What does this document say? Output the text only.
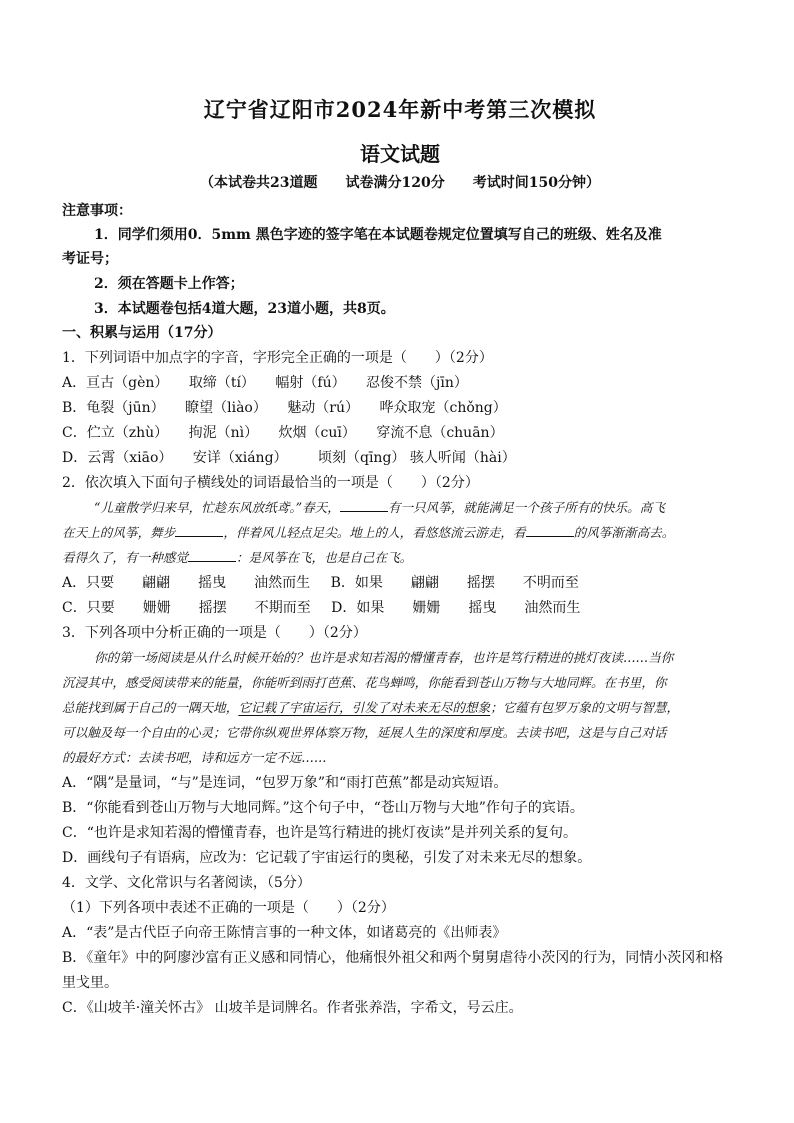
辽宁省辽阳市2024年新中考第三次模拟
语文试题
（本试卷共23道题　　试卷满分120分　　考试时间150分钟）
注意事项：
1．同学们须用0．5mm 黑色字迹的签字笔在本试题卷规定位置填写自己的班级、姓名及准
考证号；
2．须在答题卡上作答；
3．本试题卷包括4道大题，23道小题，共8页。
一、积累与运用（17分）
1．下列词语中加点字的字音，字形完全正确的一项是（　　）（2分）
A．亘古（gèn） 取缔（tí） 幅射（fú） 忍俊不禁（jīn）
B．龟裂（jūn） 瞭望（liào） 魅动（rú） 哗众取宠（chǒng）
C．伫立（zhù） 拘泥（nì） 炊烟（cuī） 穿流不息（chuān）
D．云霄（xiāo） 安详（xiáng） 顷刻（qīng） 骇人听闻（hài）
2．依次填入下面句子横线处的词语最恰当的一项是（　　）（2分）
“儿童散学归来早，忙趁东风放纸鸢。”春天，	有一只风筝，就能满足一个孩子所有的快乐。高飞
在天上的风筝，舞步	，伴着风儿轻点足尖。地上的人，看悠悠流云游走，看	的风筝渐渐高去。
看得久了，有一种感觉	：是风筝在飞，也是自己在飞。
A．只要　　翩翩　　摇曳　　油然而生 B．如果　　翩翩　　摇摆　　不明而至
C．只要　　姗姗　　摇摆　　不期而至 D．如果　　姗姗　　摇曳　　油然而生
3．下列各项中分析正确的一项是（　　）（2分）
你的第一场阅读是从什么时候开始的？也许是求知若渴的懵懂青春，也许是笃行精进的挑灯夜读……当你
沉浸其中，感受阅读带来的能量，你能听到雨打芭蕉、花鸟蝉鸣，你能看到苍山万物与大地同辉。在书里，你
总能找到属于自己的一隅天地，它记载了宇宙运行，引发了对未来无尽的想象；它蕴有包罗万象的文明与智慧，
可以触及每一个自由的心灵；它带你纵观世界体察万物，延展人生的深度和厚度。去读书吧，这是与自己对话
的最好方式：去读书吧，诗和远方一定不远……
A．“隅”是量词，“与”是连词，“包罗万象”和“雨打芭蕉”都是动宾短语。
B．“你能看到苍山万物与大地同辉。”这个句子中，“苍山万物与大地”作句子的宾语。
C．“也许是求知若渴的懵懂青春，也许是笃行精进的挑灯夜读”是并列关系的复句。
D．画线句子有语病，应改为：它记载了宇宙运行的奥秘，引发了对未来无尽的想象。
4．文学、文化常识与名著阅读，（5分）
（1）下列各项中表述不正确的一项是（　　）（2分）
A．“表”是古代臣子向帝王陈情言事的一种文体，如诸葛亮的《出师表》
B．《童年》中的阿廖沙富有正义感和同情心，他痛恨外祖父和两个舅舅虐待小茨冈的行为，同情小茨冈和格
里戈里。
C．《山坡羊·潼关怀古》 山坡羊是词牌名。作者张养浩，字希文，号云庄。
